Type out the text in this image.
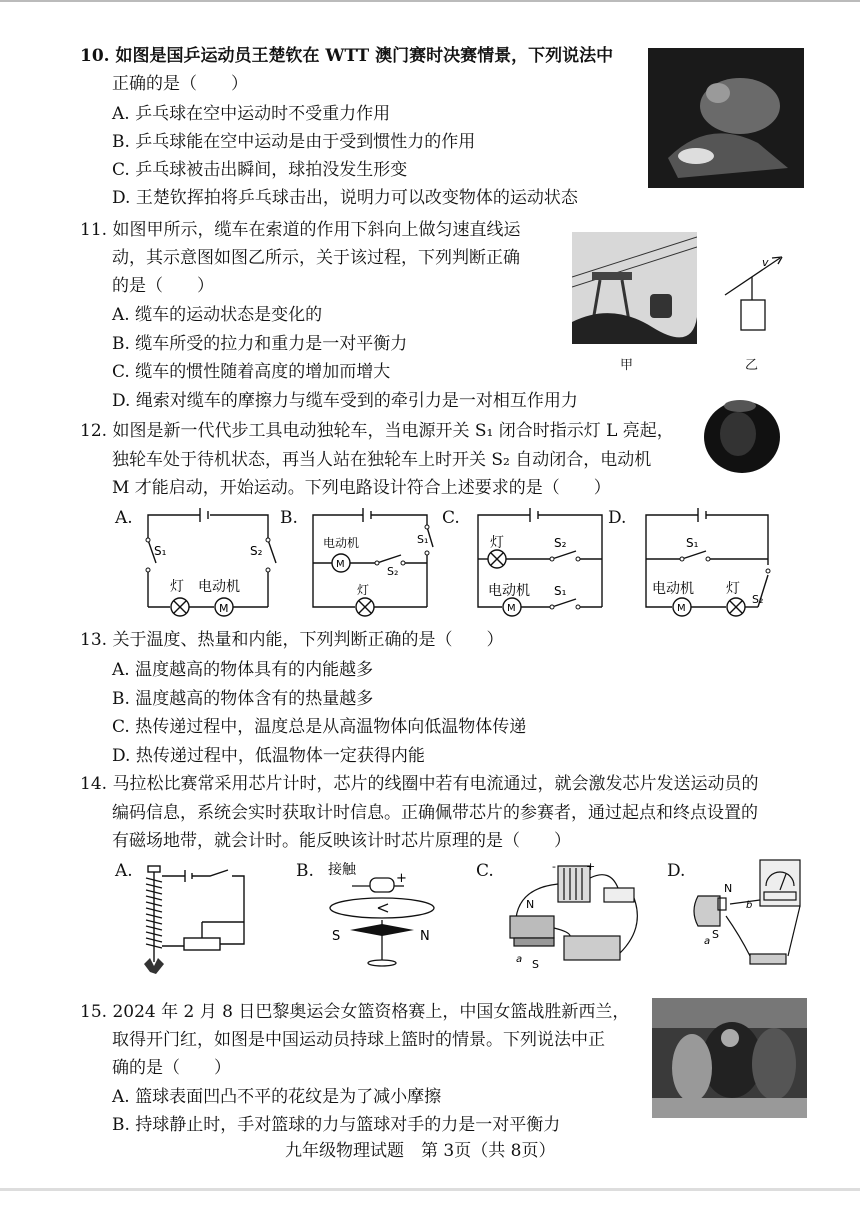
10. 如图是国乒运动员王楚钦在 WTT 澳门赛时决赛情景，下列说法中
正确的是（　　）
A. 乒乓球在空中运动时不受重力作用
B. 乒乓球能在空中运动是由于受到惯性力的作用
C. 乒乓球被击出瞬间，球拍没发生形变
D. 王楚钦挥拍将乒乓球击出，说明力可以改变物体的运动状态
11. 如图甲所示，缆车在索道的作用下斜向上做匀速直线运
动，其示意图如图乙所示，关于该过程，下列判断正确
的是（　　）
A. 缆车的运动状态是变化的
B. 缆车所受的拉力和重力是一对平衡力
C. 缆车的惯性随着高度的增加而增大
D. 绳索对缆车的摩擦力与缆车受到的牵引力是一对相互作用力
甲
v
乙
12. 如图是新一代代步工具电动独轮车，当电源开关 S₁ 闭合时指示灯 L 亮起，
独轮车处于待机状态，再当人站在独轮车上时开关 S₂ 自动闭合，电动机
M 才能启动，开始运动。下列电路设计符合上述要求的是（　　）
A.	B.	C.	D.
S₁	S₂
灯 电动机
M
电动机
M
S₂
S₁
灯
灯	S₂
电动机 S₁
M
S₁
电动机 灯
S₂
M
13. 关于温度、热量和内能，下列判断正确的是（　　）
A. 温度越高的物体具有的内能越多
B. 温度越高的物体含有的热量越多
C. 热传递过程中，温度总是从高温物体向低温物体传递
D. 热传递过程中，低温物体一定获得内能
14. 马拉松比赛常采用芯片计时，芯片的线圈中若有电流通过，就会激发芯片发送运动员的
编码信息，系统会实时获取计时信息。正确佩带芯片的参赛者，通过起点和终点设置的
有磁场地带，就会计时。能反映该计时芯片原理的是（　　）
A.	B.	C.	D.
接触
+
S	N
-	+
N
a S
N
b
a
S
15. 2024 年 2 月 8 日巴黎奥运会女篮资格赛上，中国女篮战胜新西兰，
取得开门红，如图是中国运动员持球上篮时的情景。下列说法中正
确的是（　　）
A. 篮球表面凹凸不平的花纹是为了减小摩擦
B. 持球静止时，手对篮球的力与篮球对手的力是一对平衡力
九年级物理试题　第 3页（共 8页）
